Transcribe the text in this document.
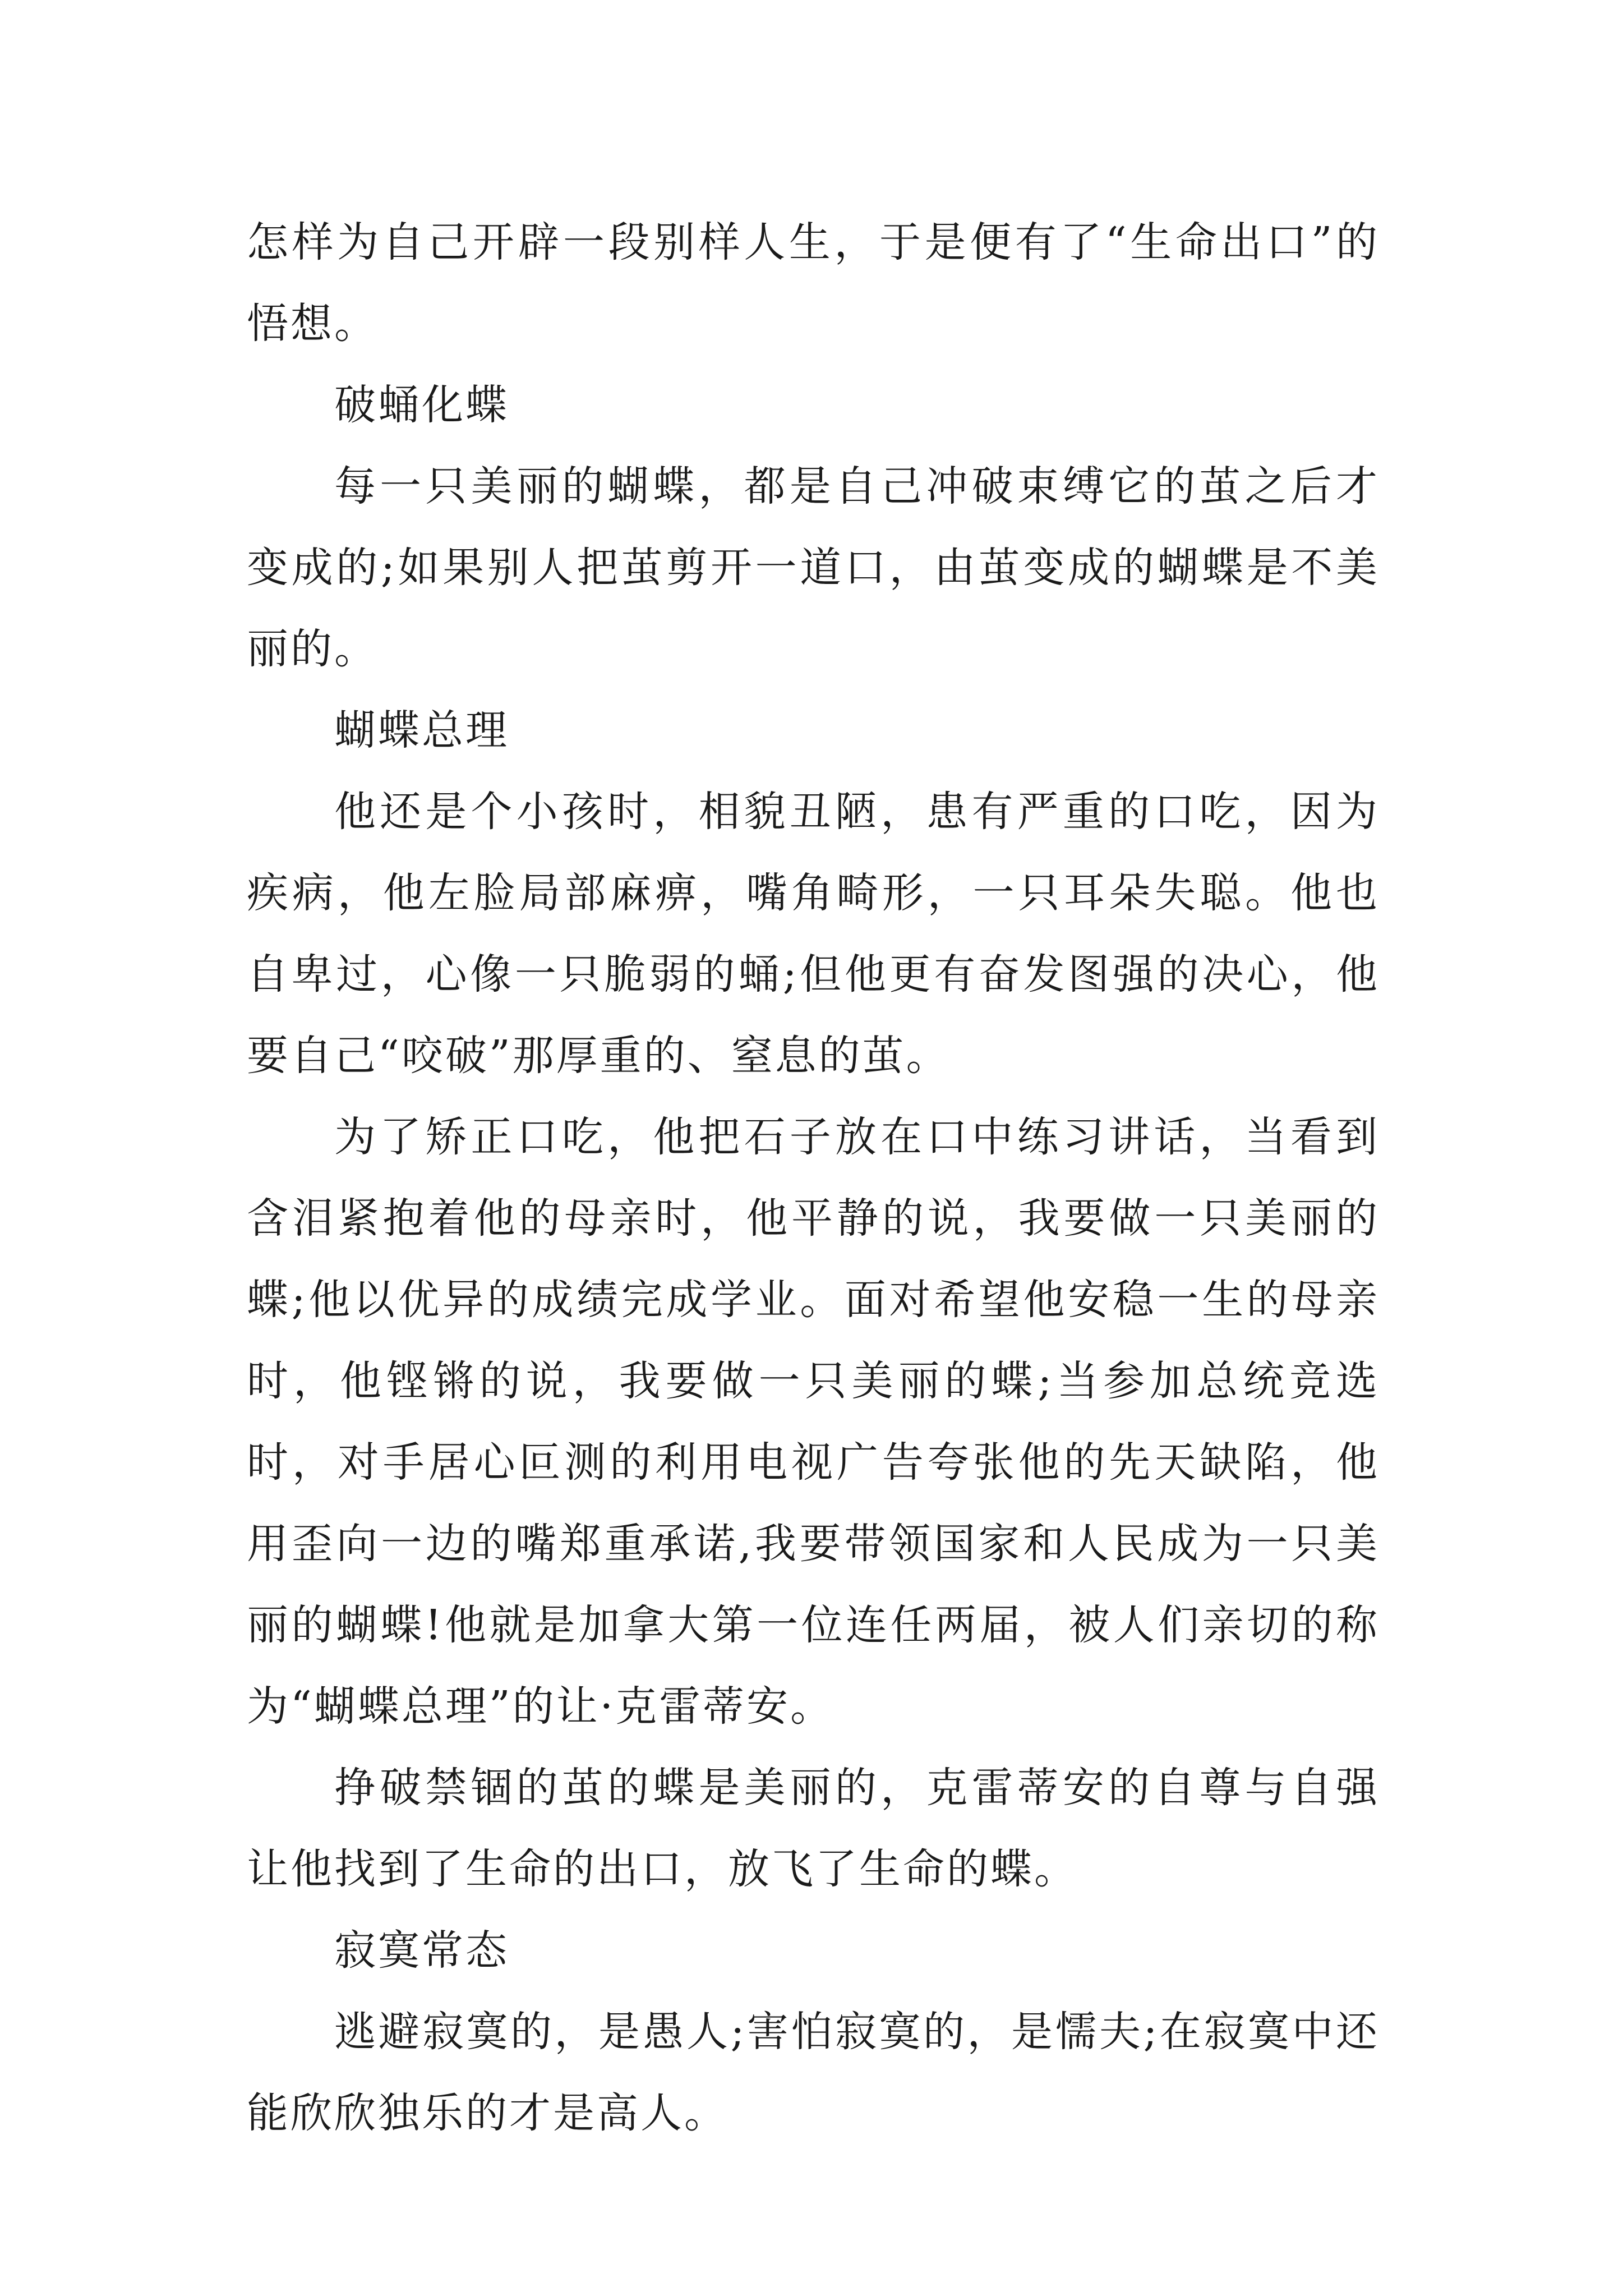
怎样为自己开辟一段别样人生，于是便有了“生命出口”的悟想。

破蛹化蝶

每一只美丽的蝴蝶，都是自己冲破束缚它的茧之后才变成的;如果别人把茧剪开一道口，由茧变成的蝴蝶是不美丽的。

蝴蝶总理

他还是个小孩时，相貌丑陋，患有严重的口吃，因为疾病，他左脸局部麻痹，嘴角畸形，一只耳朵失聪。他也自卑过，心像一只脆弱的蛹;但他更有奋发图强的决心，他要自己“咬破”那厚重的、窒息的茧。

为了矫正口吃，他把石子放在口中练习讲话，当看到含泪紧抱着他的母亲时，他平静的说，我要做一只美丽的蝶;他以优异的成绩完成学业。面对希望他安稳一生的母亲时，他铿锵的说，我要做一只美丽的蝶;当参加总统竞选时，对手居心叵测的利用电视广告夸张他的先天缺陷，他用歪向一边的嘴郑重承诺,我要带领国家和人民成为一只美丽的蝴蝶!他就是加拿大第一位连任两届，被人们亲切的称为“蝴蝶总理”的让·克雷蒂安。

挣破禁锢的茧的蝶是美丽的，克雷蒂安的自尊与自强让他找到了生命的出口，放飞了生命的蝶。

寂寞常态

逃避寂寞的，是愚人;害怕寂寞的，是懦夫;在寂寞中还能欣欣独乐的才是高人。
